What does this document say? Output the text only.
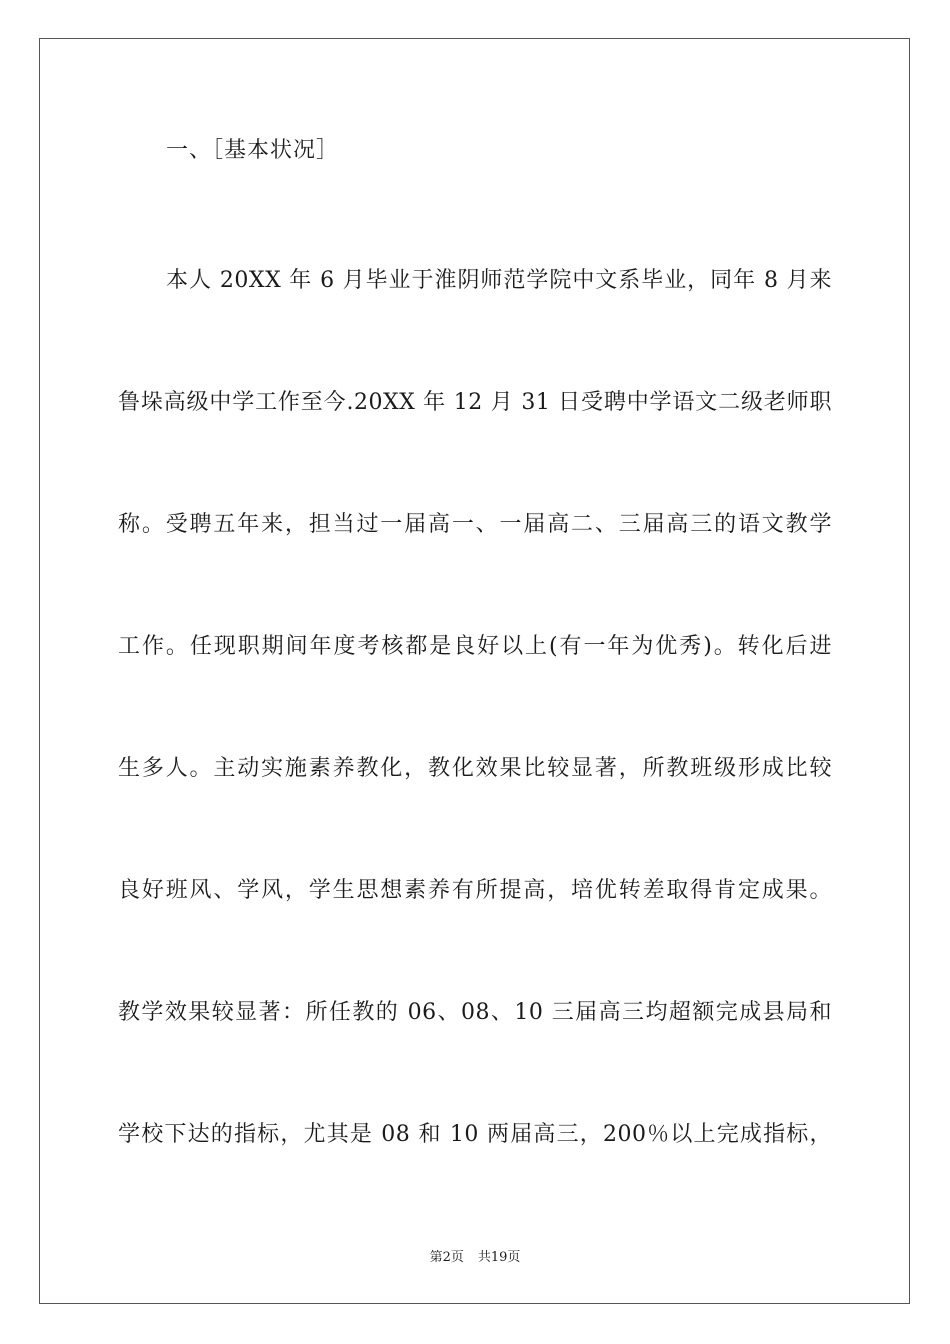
一、［基本状况］
本人 20XX 年 6 月毕业于淮阴师范学院中文系毕业，同年 8 月来
鲁垛高级中学工作至今.20XX 年 12 月 31 日受聘中学语文二级老师职
称。受聘五年来，担当过一届高一、一届高二、三届高三的语文教学
工作。任现职期间年度考核都是良好以上(有一年为优秀)。转化后进
生多人。主动实施素养教化，教化效果比较显著，所教班级形成比较
良好班风、学风，学生思想素养有所提高，培优转差取得肯定成果。
教学效果较显著：所任教的 06、08、10 三届高三均超额完成县局和
学校下达的指标，尤其是 08 和 10 两届高三，200％以上完成指标，
第2页 共19页
